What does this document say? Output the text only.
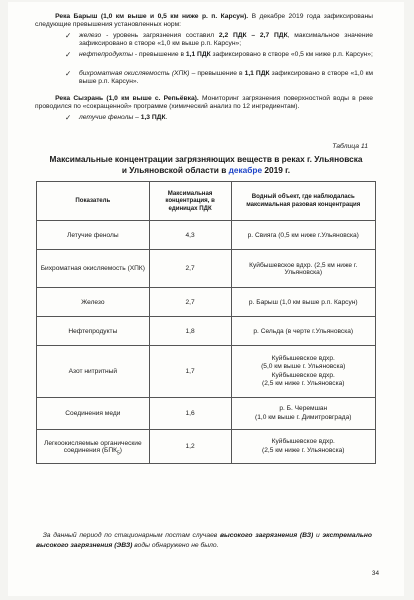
   Река Барыш (1,0 км выше и 0,5 км ниже р. п. Карсун). В декабре 2019 года зафиксированы следующие превышения установленных норм:
✓ железо - уровень загрязнения составил 2,2 ПДК – 2,7 ПДК, максимальное значение зафиксировано в створе «1,0 км выше р.п. Карсун»;
✓ нефтепродукты - превышение в 1,1 ПДК зафиксировано в створе «0,5 км ниже р.п. Карсун»;
✓ бихроматная окисляемость (ХПК) – превышение в 1,1 ПДК зафиксировано в створе «1,0 км выше р.п. Карсун».
   Река Сызрань (1,0 км выше с. Репьёвка). Мониторинг загрязнения поверхностной воды в реке проводился по «сокращенной» программе (химический анализ по 12 ингредиентам).
✓ летучие фенолы – 1,3 ПДК.
Таблица 11
Максимальные концентрации загрязняющих веществ в реках г. Ульяновска
и Ульяновской области в декабре 2019 г.
Показатель	Максимальная концентрация, в единицах ПДК	Водный объект, где наблюдалась максимальная разовая концентрация
Летучие фенолы	4,3	р. Свияга (0,5 км ниже г.Ульяновска)
Бихроматная окисляемость (ХПК)	2,7	Куйбышевское вдхр. (2,5 км ниже г. Ульяновска)
Железо	2,7	р. Барыш (1,0 км выше р.п. Карсун)
Нефтепродукты	1,8	р. Сельда (в черте г.Ульяновска)
Азот нитритный	1,7	Куйбышевское вдхр.
(5,0 км выше г. Ульяновска)
Куйбышевское вдхр.
(2,5 км ниже г. Ульяновска)

Соединения меди	1,6	р. Б. Черемшан
(1,0 км выше г. Димитровграда)

Легкоокисляемые органические соединения $(БПК_5)$	1,2	Куйбышевское вдхр.
(2,5 км ниже г. Ульяновска)
 За данный период по стационарным постам случаев высокого загрязнения (ВЗ) и экстремально высокого загрязнения (ЭВЗ) воды обнаружено не было.
34
